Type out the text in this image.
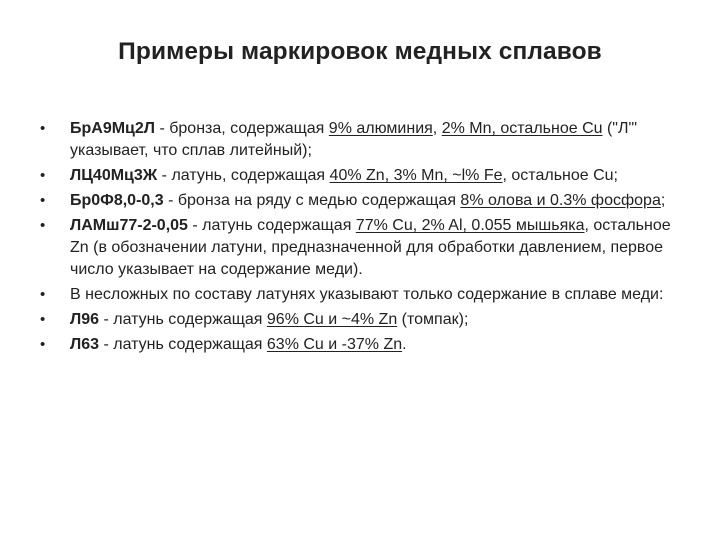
Примеры маркировок медных сплавов
•	БрА9Мц2Л - бронза, содержащая 9% алюминия, 2% Mn, остальное Cu ("Л"' указывает, что сплав литейный);
•	ЛЦ40Мц3Ж - латунь, содержащая 40% Zn, 3% Mn, ~l% Fe, остальное Cu;
•	Бр0Ф8,0-0,3 - бронза на ряду с медью содержащая 8% олова и 0.3% фосфора;
•	ЛАМш77-2-0,05 - латунь содержащая 77% Cu, 2% Al, 0.055 мышьяка, остальное Zn (в обозначении латуни, предназначенной для обработки давлением, первое число указывает на содержание меди).
•	В несложных по составу латунях указывают только содержание в сплаве меди:
•	Л96 - латунь содержащая 96% Cu и ~4% Zn (томпак);
•	Л63 - латунь содержащая 63% Cu и -37% Zn.
